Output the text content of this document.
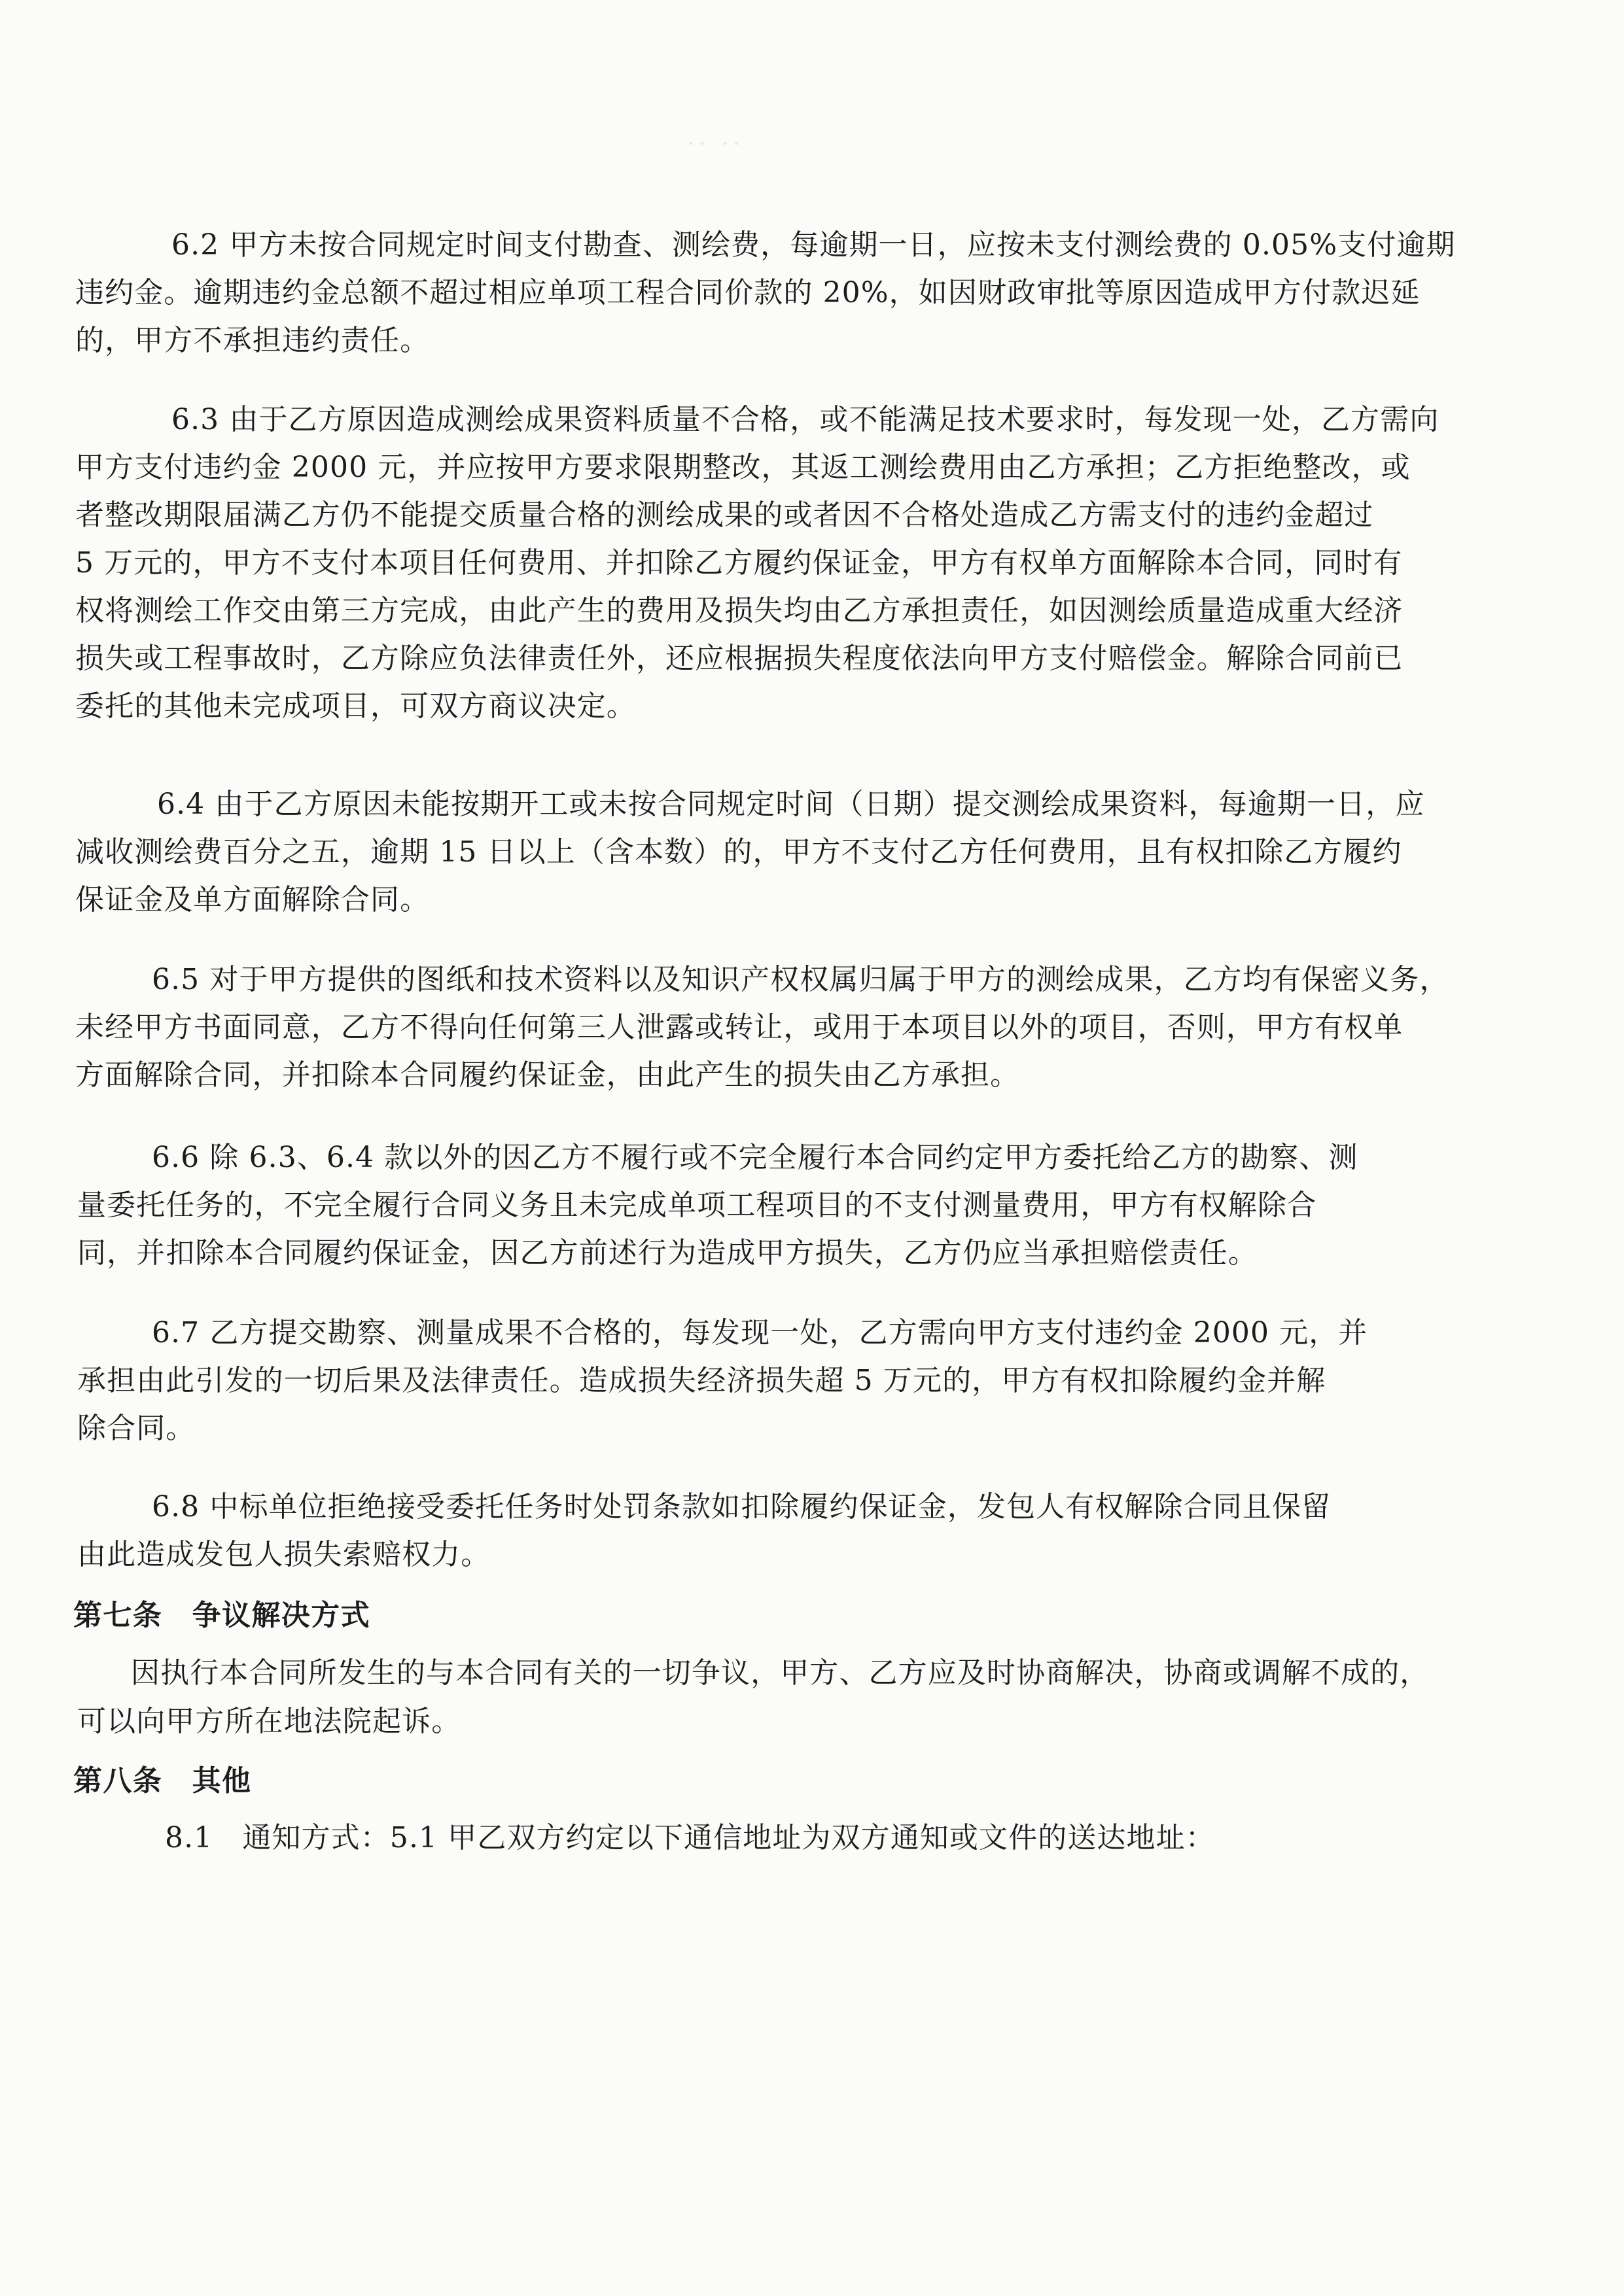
·· ··
6.2 甲方未按合同规定时间支付勘查、测绘费，每逾期一日，应按未支付测绘费的 0.05%支付逾期
违约金。逾期违约金总额不超过相应单项工程合同价款的 20%，如因财政审批等原因造成甲方付款迟延
的，甲方不承担违约责任。
6.3 由于乙方原因造成测绘成果资料质量不合格，或不能满足技术要求时，每发现一处，乙方需向
甲方支付违约金 2000 元，并应按甲方要求限期整改，其返工测绘费用由乙方承担；乙方拒绝整改，或
者整改期限届满乙方仍不能提交质量合格的测绘成果的或者因不合格处造成乙方需支付的违约金超过
5 万元的，甲方不支付本项目任何费用、并扣除乙方履约保证金，甲方有权单方面解除本合同，同时有
权将测绘工作交由第三方完成，由此产生的费用及损失均由乙方承担责任，如因测绘质量造成重大经济
损失或工程事故时，乙方除应负法律责任外，还应根据损失程度依法向甲方支付赔偿金。解除合同前已
委托的其他未完成项目，可双方商议决定。
6.4 由于乙方原因未能按期开工或未按合同规定时间（日期）提交测绘成果资料，每逾期一日，应
减收测绘费百分之五，逾期 15 日以上（含本数）的，甲方不支付乙方任何费用，且有权扣除乙方履约
保证金及单方面解除合同。
6.5 对于甲方提供的图纸和技术资料以及知识产权权属归属于甲方的测绘成果，乙方均有保密义务，
未经甲方书面同意，乙方不得向任何第三人泄露或转让，或用于本项目以外的项目，否则，甲方有权单
方面解除合同，并扣除本合同履约保证金，由此产生的损失由乙方承担。
6.6 除 6.3、6.4 款以外的因乙方不履行或不完全履行本合同约定甲方委托给乙方的勘察、测
量委托任务的，不完全履行合同义务且未完成单项工程项目的不支付测量费用，甲方有权解除合
同，并扣除本合同履约保证金，因乙方前述行为造成甲方损失，乙方仍应当承担赔偿责任。
6.7 乙方提交勘察、测量成果不合格的，每发现一处，乙方需向甲方支付违约金 2000 元，并
承担由此引发的一切后果及法律责任。造成损失经济损失超 5 万元的，甲方有权扣除履约金并解
除合同。
6.8 中标单位拒绝接受委托任务时处罚条款如扣除履约保证金，发包人有权解除合同且保留
由此造成发包人损失索赔权力。
第七条　争议解决方式
因执行本合同所发生的与本合同有关的一切争议，甲方、乙方应及时协商解决，协商或调解不成的，
可以向甲方所在地法院起诉。
第八条　其他
8.1　通知方式：5.1 甲乙双方约定以下通信地址为双方通知或文件的送达地址：
